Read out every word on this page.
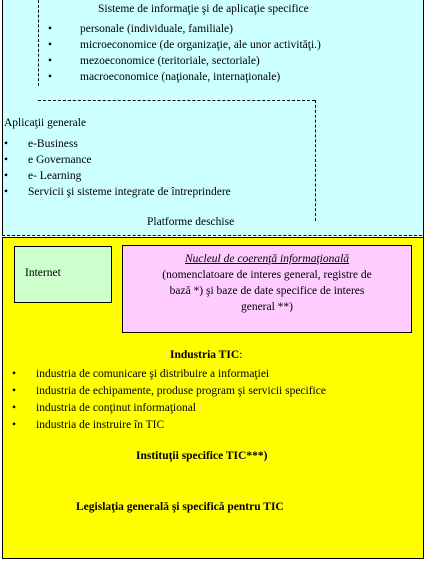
Sisteme de informaţie şi de aplicaţie specifice
• personale (individuale, familiale)
• microeconomice (de organizaţie, ale unor activităţi.)
• mezoeconomice (teritoriale, sectoriale)
• macroeconomice (naţionale, internaţionale)
Aplicaţii generale
• e-Business
• e Governance
• e- Learning
• Servicii şi sisteme integrate de întreprindere
Platforme deschise
Internet
Nucleul de coerenţă informaţională
(nomenclatoare de interes general, registre de
bază *) şi baze de date specifice de interes
general **)
Industria TIC:
• industria de comunicare şi distribuire a informaţiei
• industria de echipamente, produse program şi servicii specifice
• industria de conţinut informaţional
• industria de instruire în TIC
Instituţii specifice TIC***)
Legislaţia generală şi specifică pentru TIC
